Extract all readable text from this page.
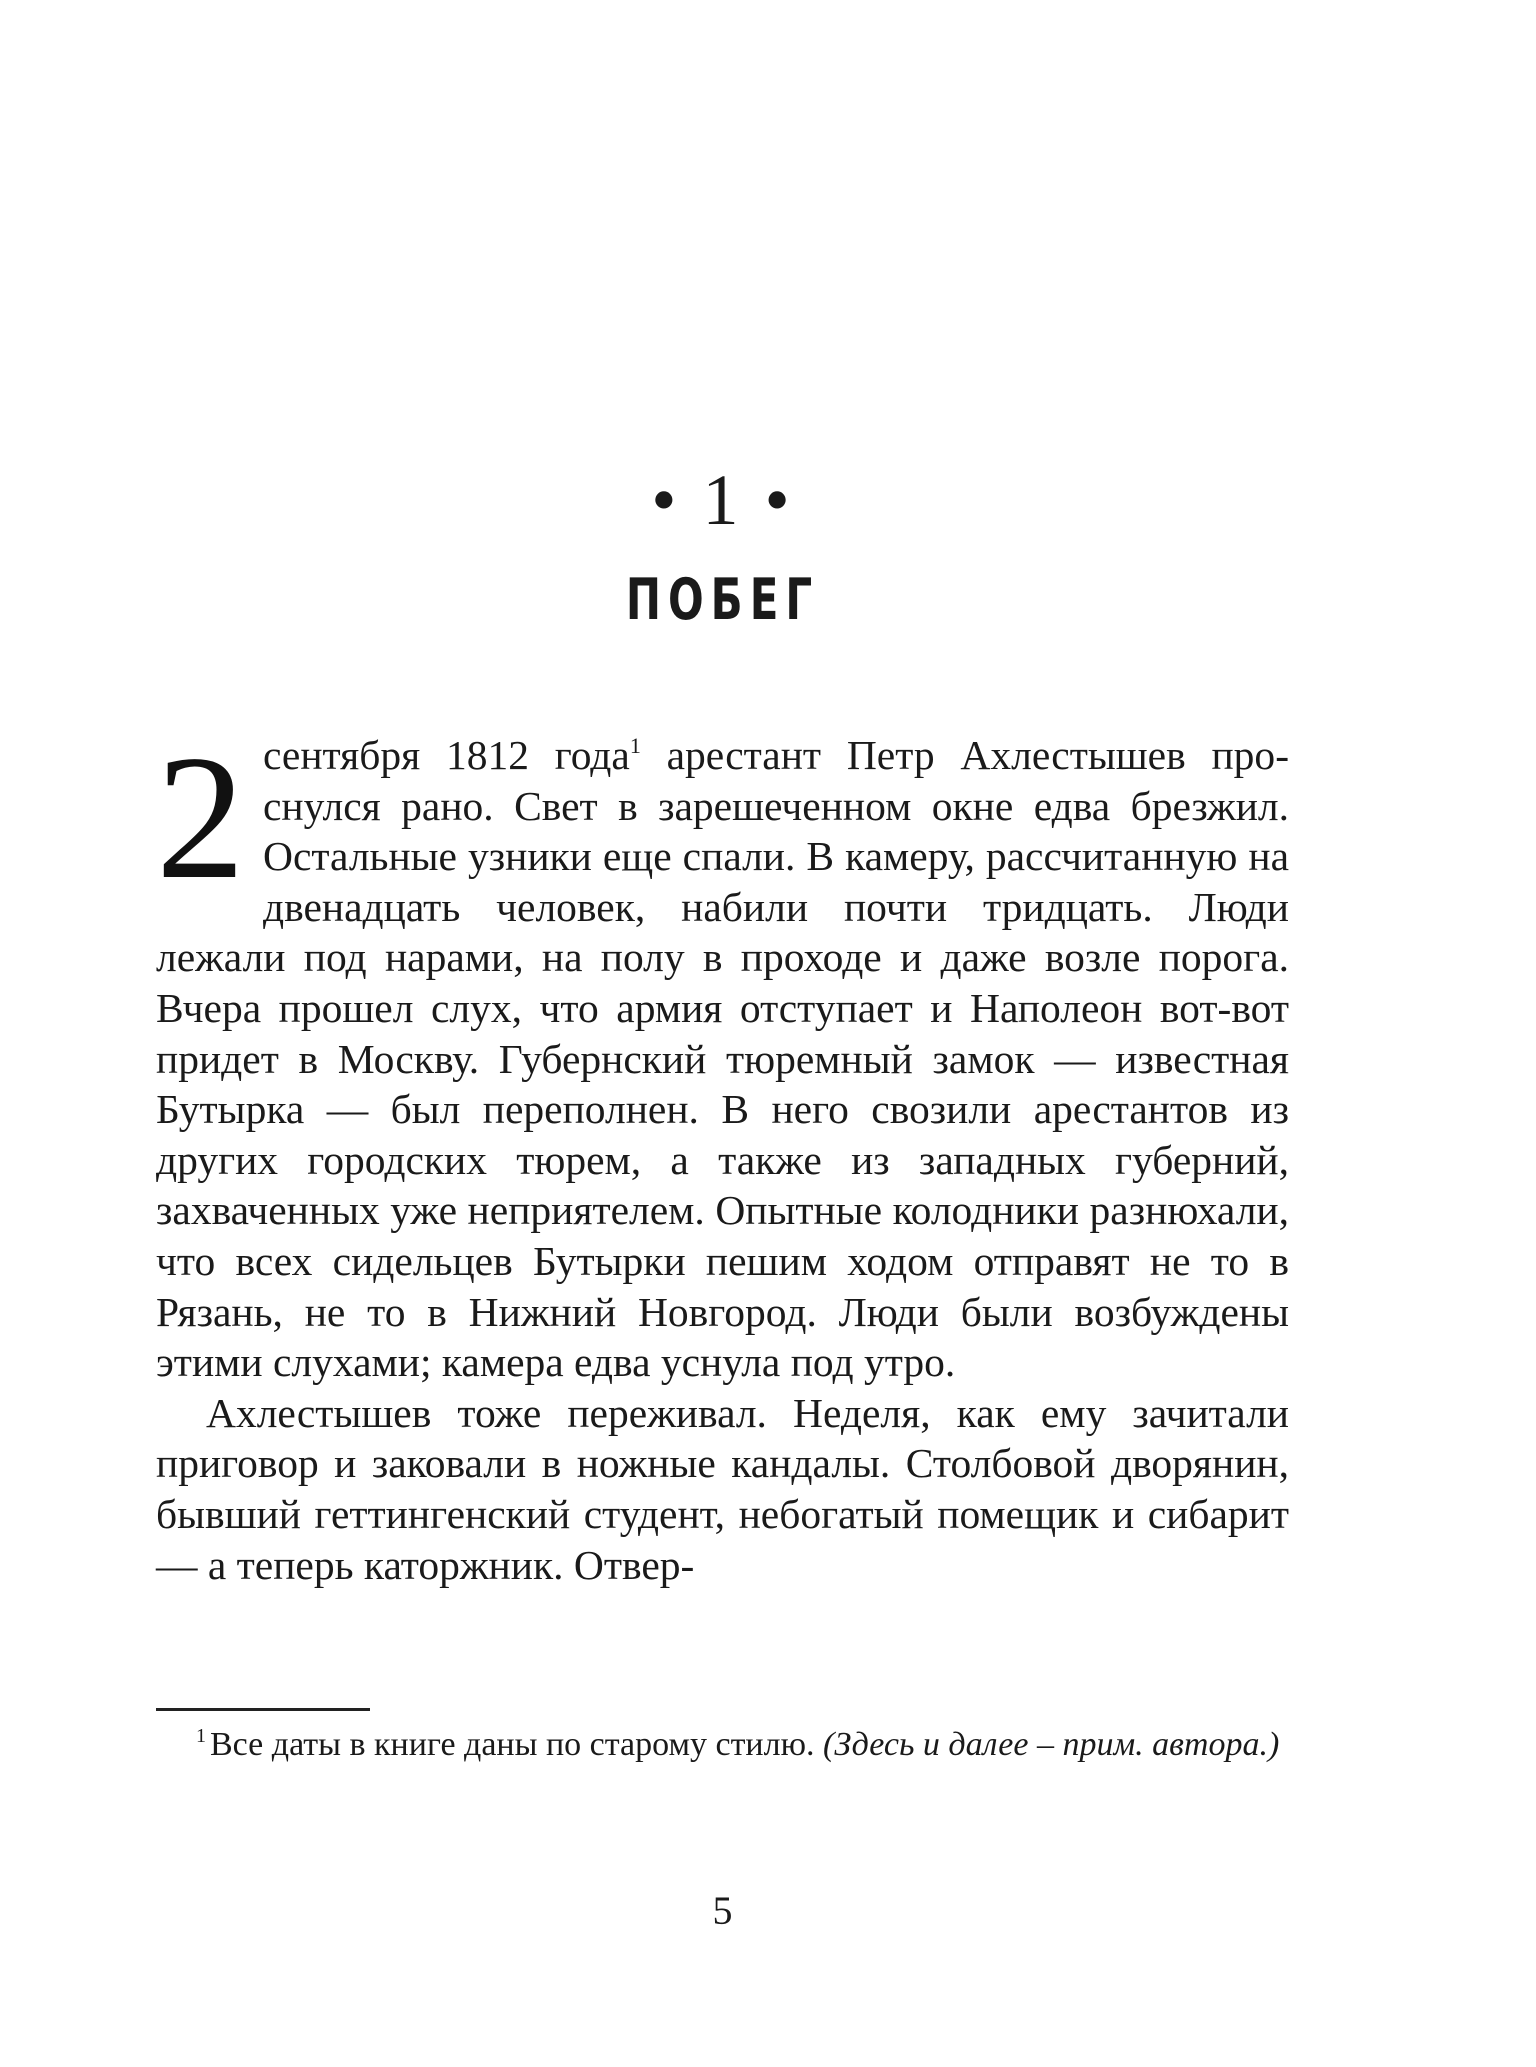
• 1 •
ПОБЕГ

2 сентября 1812 года$^1$ арестант Петр Ахлестышев проснулся рано. Свет в зарешеченном окне едва брезжил. Остальные узники еще спали. В камеру, рассчитанную на двенадцать человек, набили почти тридцать. Люди лежали под нарами, на полу в проходе и даже возле порога. Вчера прошел слух, что армия отступает и Наполеон вот-вот придет в Москву. Губернский тюремный замок — известная Бутырка — был переполнен. В него свозили арестантов из других городских тюрем, а также из западных губерний, захваченных уже неприятелем. Опытные колодники разнюхали, что всех сидельцев Бутырки пешим ходом отправят не то в Рязань, не то в Нижний Новгород. Люди были возбуждены этими слухами; камера едва уснула под утро.

Ахлестышев тоже переживал. Неделя, как ему зачитали приговор и заковали в ножные кандалы. Столбовой дворянин, бывший геттингенский студент, небогатый помещик и сибарит — а теперь каторжник. Отвер-

$^1$ Все даты в книге даны по старому стилю. (Здесь и далее – прим. автора.)
5
